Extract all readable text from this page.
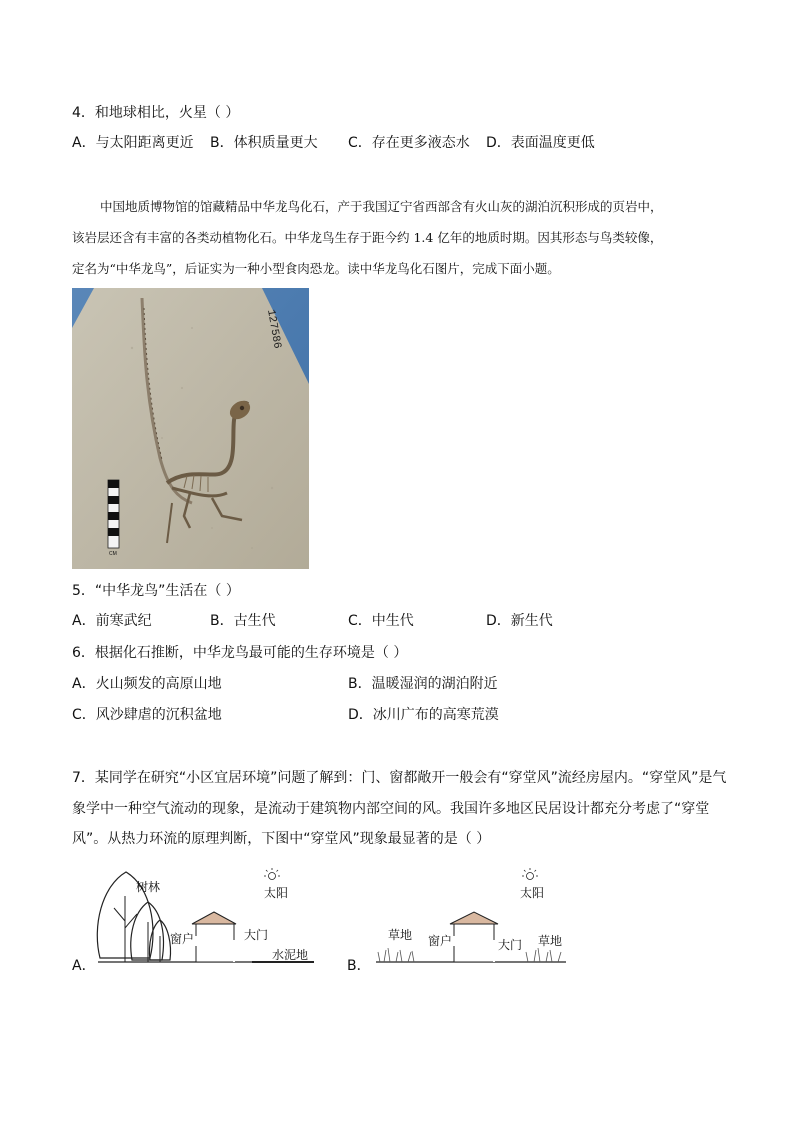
4．和地球相比，火星（ ）
A．与太阳距离更近 B．体积质量更大 C．存在更多液态水 D．表面温度更低
中国地质博物馆的馆藏精品中华龙鸟化石，产于我国辽宁省西部含有火山灰的湖泊沉积形成的页岩中，
该岩层还含有丰富的各类动植物化石。中华龙鸟生存于距今约 1.4 亿年的地质时期。因其形态与鸟类较像，
定名为“中华龙鸟”，后证实为一种小型食肉恐龙。读中华龙鸟化石图片，完成下面小题。
127586
CM
5．“中华龙鸟”生活在（ ）
A．前寒武纪	B．古生代	C．中生代	D．新生代
6．根据化石推断，中华龙鸟最可能的生存环境是（ ）
A．火山频发的高原山地	B．温暖湿润的湖泊附近
C．风沙肆虐的沉积盆地	D．冰川广布的高寒荒漠
7．某同学在研究“小区宜居环境”问题了解到：门、窗都敞开一般会有“穿堂风”流经房屋内。“穿堂风”是气
象学中一种空气流动的现象，是流动于建筑物内部空间的风。我国许多地区民居设计都充分考虑了“穿堂
风”。从热力环流的原理判断，下图中“穿堂风”现象最显著的是（ ）
A．
树林	太阳
窗户	大门
水泥地
B．
太阳
草地 窗户	大门 草地
